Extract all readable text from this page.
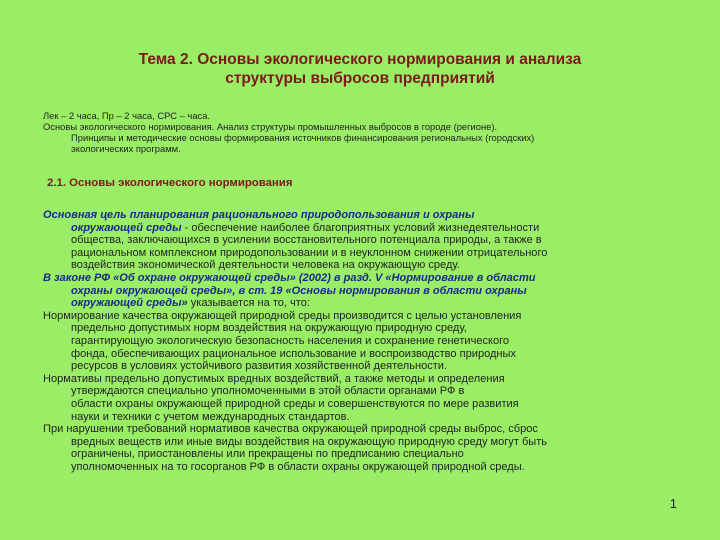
Тема 2. Основы экологического нормирования и анализа
структуры выбросов предприятий
Лек – 2 часа, Пр – 2 часа, СРС – часа.
Основы экологического нормирования. Анализ структуры промышленных выбросов в городе (регионе).
Принципы и методические основы формирования источников финансирования региональных (городских)
экологических программ.
2.1. Основы экологического нормирования

Основная цель планирования рационального природопользования и охраны

окружающей среды - обеспечение наиболее благоприятных условий жизнедеятельности
общества, заключающихся в усилении восстановительного потенциала природы, а также в
рациональном комплексном природопользовании и в неуклонном снижении отрицательного
воздействия экономической деятельности человека на окружающую среду.

В законе РФ «Об охране окружающей среды» (2002) в разд. V «Нормирование в области

охраны окружающей среды», в ст. 19 «Основы нормирования в области охраны
окружающей среды» указывается на то, что:

Нормирование качества окружающей природной среды производится с целью установления

предельно допустимых норм воздействия на окружающую природную среду,
гарантирующую экологическую безопасность населения и сохранение генетического
фонда, обеспечивающих рациональное использование и воспроизводство природных
ресурсов в условиях устойчивого развития хозяйственной деятельности.

Нормативы предельно допустимых вредных воздействий, а также методы и определения

утверждаются специально уполномоченными в этой области органами РФ в
области охраны окружающей природной среды и совершенствуются по мере развития
науки и техники с учетом международных стандартов.

При нарушении требований нормативов качества окружающей природной среды выброс, сброс

вредных веществ или иные виды воздействия на окружающую природную среду могут быть
ограничены, приостановлены или прекращены по предписанию специально
уполномоченных на то госорганов РФ в области охраны окружающей природной среды.

1
